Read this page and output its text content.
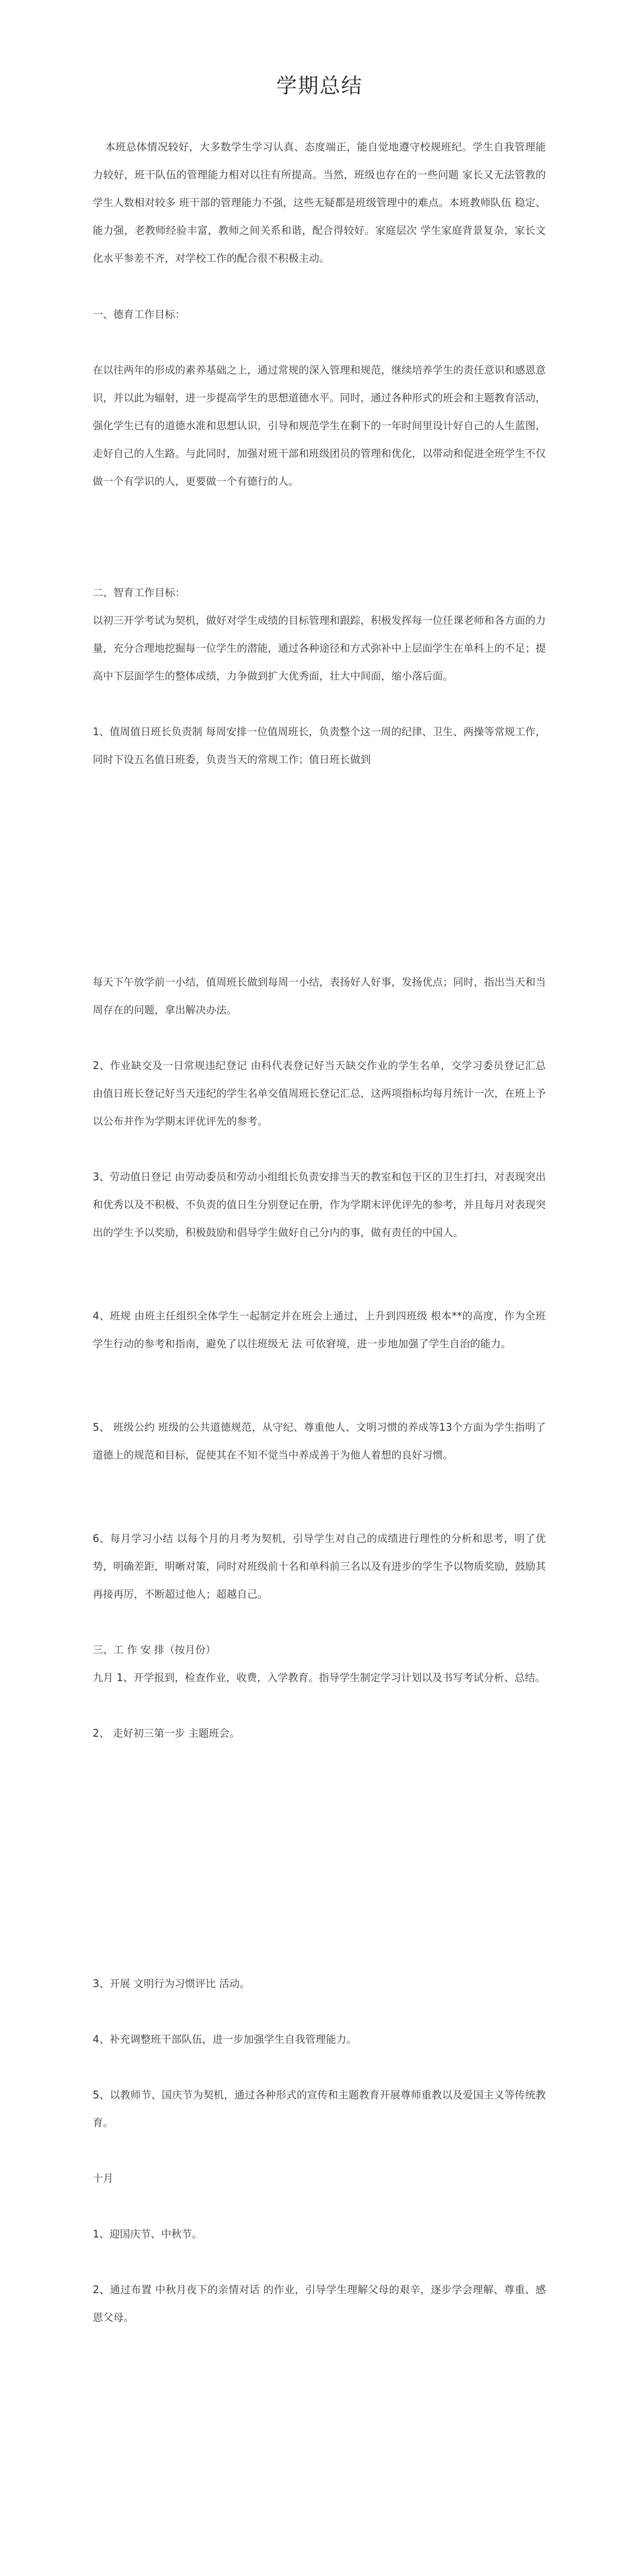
学期总结

本班总体情况较好，大多数学生学习认真、态度端正，能自觉地遵守校规班纪。学生自我管理能力较好，班干队伍的管理能力相对以往有所提高。当然，班级也存在的一些问题 家长又无法管教的学生人数相对较多 班干部的管理能力不强，这些无疑都是班级管理中的难点。本班教师队伍 稳定、能力强，老教师经验丰富，教师之间关系和谐，配合得较好。家庭层次 学生家庭背景复杂，家长文化水平参差不齐，对学校工作的配合很不积极主动。

一、德育工作目标：

在以往两年的形成的素养基础之上，通过常规的深入管理和规范，继续培养学生的责任意识和感恩意识，并以此为辐射，进一步提高学生的思想道德水平。同时，通过各种形式的班会和主题教育活动，强化学生已有的道德水准和思想认识，引导和规范学生在剩下的一年时间里设计好自己的人生蓝图，走好自己的人生路。与此同时，加强对班干部和班级团员的管理和优化，以带动和促进全班学生不仅做一个有学识的人，更要做一个有德行的人。

二、智育工作目标：

以初三开学考试为契机，做好对学生成绩的目标管理和跟踪，积极发挥每一位任课老师和各方面的力量，充分合理地挖掘每一位学生的潜能，通过各种途径和方式弥补中上层面学生在单科上的不足；提高中下层面学生的整体成绩，力争做到扩大优秀面，壮大中间面，缩小落后面。

1、值周值日班长负责制 每周安排一位值周班长，负责整个这一周的纪律、卫生、两操等常规工作，同时下设五名值日班委，负责当天的常规工作；值日班长做到

每天下午放学前一小结，值周班长做到每周一小结，表扬好人好事，发扬优点；同时，指出当天和当周存在的问题，拿出解决办法。

2、作业缺交及一日常规违纪登记 由科代表登记好当天缺交作业的学生名单，交学习委员登记汇总 由值日班长登记好当天违纪的学生名单交值周班长登记汇总，这两项指标均每月统计一次，在班上予以公布并作为学期末评优评先的参考。

3、劳动值日登记 由劳动委员和劳动小组组长负责安排当天的教室和包干区的卫生打扫，对表现突出和优秀以及不积极、不负责的值日生分别登记在册，作为学期末评优评先的参考，并且每月对表现突出的学生予以奖励，积极鼓励和倡导学生做好自己分内的事，做有责任的中国人。

4、班规 由班主任组织全体学生一起制定并在班会上通过，上升到四班级 根本**的高度，作为全班学生行动的参考和指南，避免了以往班级无 法 可依窘境，进一步地加强了学生自治的能力。

5、 班级公约 班级的公共道德规范，从守纪、尊重他人、文明习惯的养成等13个方面为学生指明了道德上的规范和目标，促使其在不知不觉当中养成善于为他人着想的良好习惯。

6、每月学习小结 以每个月的月考为契机，引导学生对自己的成绩进行理性的分析和思考，明了优势，明确差距，明晰对策，同时对班级前十名和单科前三名以及有进步的学生予以物质奖励，鼓励其再接再厉，不断超过他人；超越自己。

三、工 作 安 排（按月份）

九月 1、开学报到，检查作业，收费，入学教育。指导学生制定学习计划以及书写考试分析、总结。

2、 走好初三第一步 主题班会。

3、开展 文明行为习惯评比 活动。

4、补充调整班干部队伍，进一步加强学生自我管理能力。

5、以教师节、国庆节为契机，通过各种形式的宣传和主题教育开展尊师重教以及爱国主义等传统教育。

十月

1、迎国庆节、中秋节。

2、通过布置 中秋月夜下的亲情对话 的作业，引导学生理解父母的艰辛，逐步学会理解、尊重、感恩父母。
